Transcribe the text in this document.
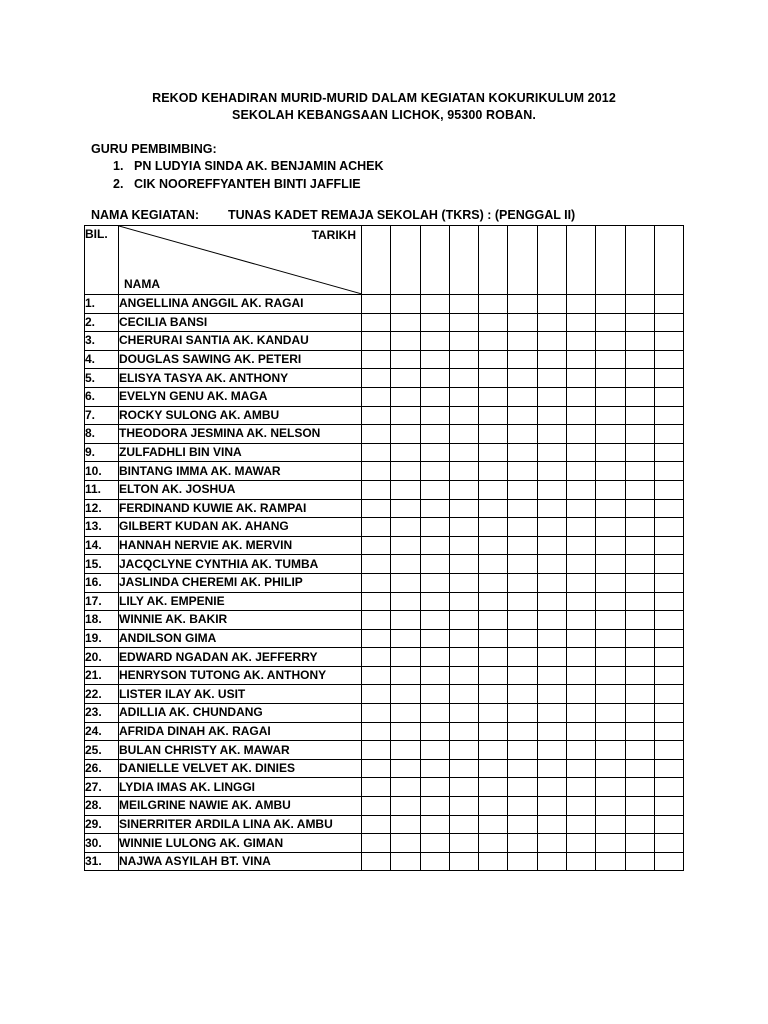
REKOD KEHADIRAN MURID-MURID DALAM KEGIATAN KOKURIKULUM 2012
SEKOLAH KEBANGSAAN LICHOK, 95300 ROBAN.
GURU PEMBIMBING:
1. PN LUDYIA SINDA AK. BENJAMIN ACHEK
2. CIK NOOREFFYANTEH BINTI JAFFLIE
NAMA KEGIATAN: TUNAS KADET REMAJA SEKOLAH (TKRS) : (PENGGAL II)
BIL.	TARIKH
NAMA											

1.	ANGELLINA ANGGIL AK. RAGAI											
2.	CECILIA BANSI											
3.	CHERURAI SANTIA AK. KANDAU											
4.	DOUGLAS SAWING AK. PETERI											
5.	ELISYA TASYA AK. ANTHONY											
6.	EVELYN GENU AK. MAGA											
7.	ROCKY SULONG AK. AMBU											
8.	THEODORA JESMINA AK. NELSON											
9.	ZULFADHLI BIN VINA											
10.	BINTANG IMMA AK. MAWAR											
11.	ELTON AK. JOSHUA											
12.	FERDINAND KUWIE AK. RAMPAI											
13.	GILBERT KUDAN AK. AHANG											
14.	HANNAH NERVIE AK. MERVIN											
15.	JACQCLYNE CYNTHIA AK. TUMBA											
16.	JASLINDA CHEREMI AK. PHILIP											
17.	LILY AK. EMPENIE											
18.	WINNIE AK. BAKIR											
19.	ANDILSON GIMA											
20.	EDWARD NGADAN AK. JEFFERRY											
21.	HENRYSON TUTONG AK. ANTHONY											
22.	LISTER ILAY AK. USIT											
23.	ADILLIA AK. CHUNDANG											
24.	AFRIDA DINAH AK. RAGAI											
25.	BULAN CHRISTY AK. MAWAR											
26.	DANIELLE VELVET AK. DINIES											
27.	LYDIA IMAS AK. LINGGI											
28.	MEILGRINE NAWIE AK. AMBU											
29.	SINERRITER ARDILA LINA AK. AMBU											
30.	WINNIE LULONG AK. GIMAN											
31.	NAJWA ASYILAH BT. VINA											
